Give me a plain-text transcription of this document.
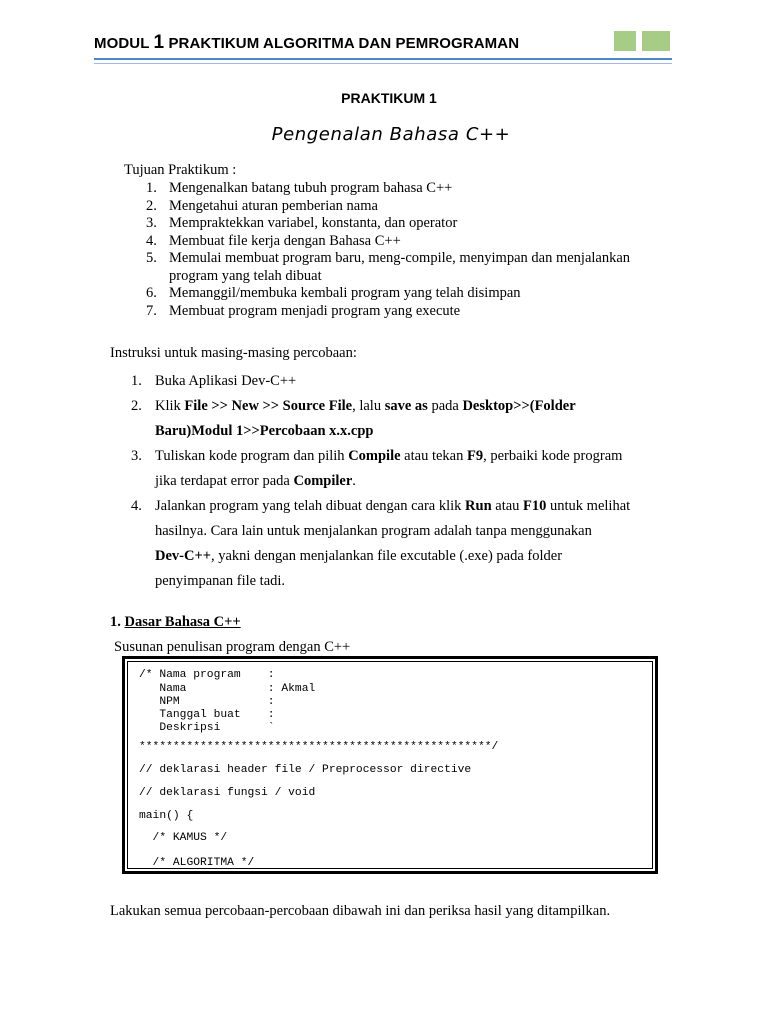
MODUL 1 PRAKTIKUM ALGORITMA DAN PEMROGRAMAN
PRAKTIKUM 1
Pengenalan Bahasa C++
Tujuan Praktikum :
1. Mengenalkan batang tubuh program bahasa C++
2. Mengetahui aturan pemberian nama
3. Mempraktekkan variabel, konstanta, dan operator
4. Membuat file kerja dengan Bahasa C++
5. Memulai membuat program baru, meng-compile, menyimpan dan menjalankan
program yang telah dibuat
6. Memanggil/membuka kembali program yang telah disimpan
7. Membuat program menjadi program yang execute
Instruksi untuk masing-masing percobaan:
1. Buka Aplikasi Dev-C++
2. Klik File >> New >> Source File, lalu save as pada Desktop>>(Folder
Baru)Modul 1>>Percobaan x.x.cpp
3. Tuliskan kode program dan pilih Compile atau tekan F9, perbaiki kode program
jika terdapat error pada Compiler.
4. Jalankan program yang telah dibuat dengan cara klik Run atau F10 untuk melihat
hasilnya. Cara lain untuk menjalankan program adalah tanpa menggunakan
Dev-C++, yakni dengan menjalankan file excutable (.exe) pada folder
penyimpanan file tadi.
1. Dasar Bahasa C++
Susunan penulisan program dengan C++
/* Nama program    :
Nama            : Akmal
NPM             :
Tanggal buat    :
Deskripsi       `
****************************************************/
// deklarasi header file / Preprocessor directive
// deklarasi fungsi / void
main() {
/* KAMUS */
/* ALGORITMA */
Lakukan semua percobaan-percobaan dibawah ini dan periksa hasil yang ditampilkan.
